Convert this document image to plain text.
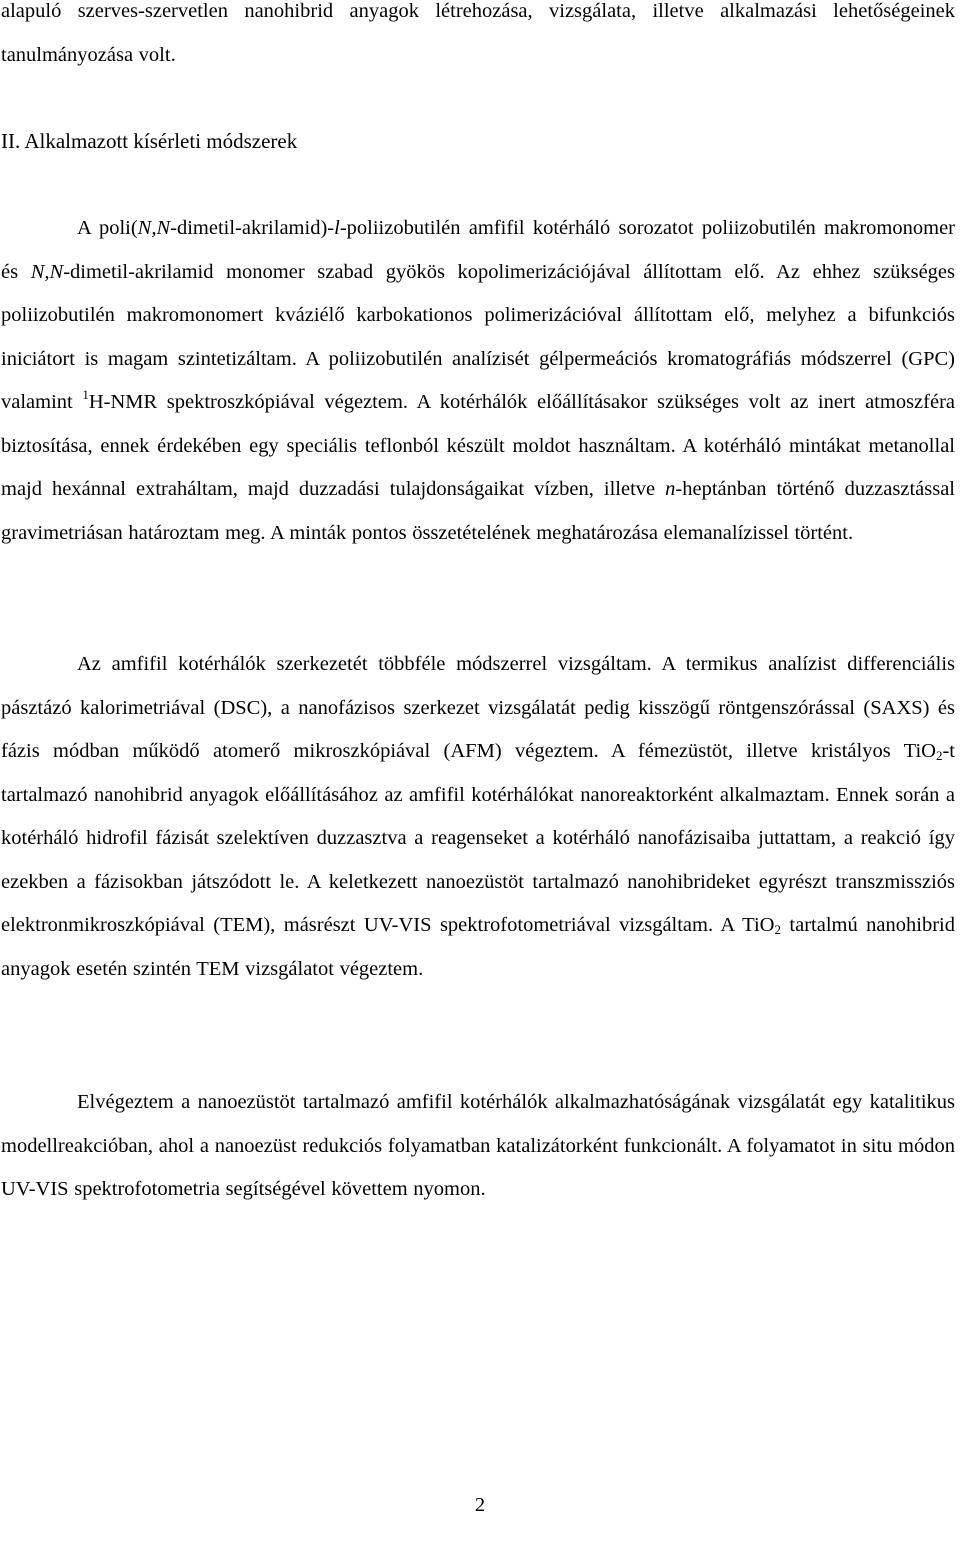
alapuló szerves-szervetlen nanohibrid anyagok létrehozása, vizsgálata, illetve alkalmazási lehetőségeinek tanulmányozása volt.

II. Alkalmazott kísérleti módszerek

A poli(N,N-dimetil-akrilamid)-l-poliizobutilén amfifil kotérháló sorozatot poliizobutilén makromonomer és N,N-dimetil-akrilamid monomer szabad gyökös kopolimerizációjával állítottam elő. Az ehhez szükséges poliizobutilén makromonomert kváziélő karbokationos polimerizációval állítottam elő, melyhez a bifunkciós iniciátort is magam szintetizáltam. A poliizobutilén analízisét gélpermeációs kromatográfiás módszerrel (GPC) valamint $^1$H-NMR spektroszkópiával végeztem. A kotérhálók előállításakor szükséges volt az inert atmoszféra biztosítása, ennek érdekében egy speciális teflonból készült moldot használtam. A kotérháló mintákat metanollal majd hexánnal extraháltam, majd duzzadási tulajdonságaikat vízben, illetve n-heptánban történő duzzasztással gravimetriásan határoztam meg. A minták pontos összetételének meghatározása elemanalízissel történt.

Az amfifil kotérhálók szerkezetét többféle módszerrel vizsgáltam. A termikus analízist differenciális pásztázó kalorimetriával (DSC), a nanofázisos szerkezet vizsgálatát pedig kisszögű röntgenszórással (SAXS) és fázis módban működő atomerő mikroszkópiával (AFM) végeztem. A fémezüstöt, illetve kristályos TiO$_2$-t tartalmazó nanohibrid anyagok előállításához az amfifil kotérhálókat nanoreaktorként alkalmaztam. Ennek során a kotérháló hidrofil fázisát szelektíven duzzasztva a reagenseket a kotérháló nanofázisaiba juttattam, a reakció így ezekben a fázisokban játszódott le. A keletkezett nanoezüstöt tartalmazó nanohibrideket egyrészt transzmissziós elektronmikroszkópiával (TEM), másrészt UV-VIS spektrofotometriával vizsgáltam. A TiO$_2$ tartalmú nanohibrid anyagok esetén szintén TEM vizsgálatot végeztem.

Elvégeztem a nanoezüstöt tartalmazó amfifil kotérhálók alkalmazhatóságának vizsgálatát egy katalitikus modellreakcióban, ahol a nanoezüst redukciós folyamatban katalizátorként funkcionált. A folyamatot in situ módon UV-VIS spektrofotometria segítségével követtem nyomon.

2
